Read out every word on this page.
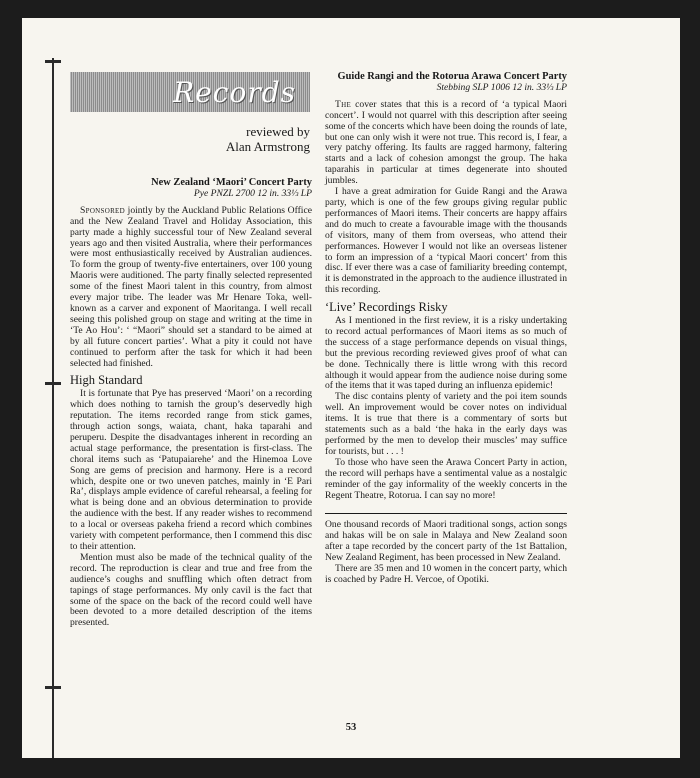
Records
reviewed by
Alan Armstrong
New Zealand ‘Maori’ Concert Party
Pye PNZL 2700 12 in. 33⅓ LP

Sponsored jointly by the Auckland Public Relations Office and the New Zealand Travel and Holiday Association, this party made a highly successful tour of New Zealand several years ago and then visited Australia, where their performances were most enthusiastically received by Australian audiences. To form the group of twenty-five entertainers, over 100 young Maoris were auditioned. The party finally selected represented some of the finest Maori talent in this country, from almost every major tribe. The leader was Mr Henare Toka, well-known as a carver and exponent of Maoritanga. I well recall seeing this polished group on stage and writing at the time in ‘Te Ao Hou’: ‘ “Maori” should set a standard to be aimed at by all future concert parties’. What a pity it could not have continued to perform after the task for which it had been selected had finished.

High Standard

It is fortunate that Pye has preserved ‘Maori’ on a recording which does nothing to tarnish the group’s deservedly high reputation. The items recorded range from stick games, through action songs, waiata, chant, haka taparahi and peruperu. Despite the disadvantages inherent in recording an actual stage performance, the presentation is first-class. The choral items such as ‘Patupaiarehe’ and the Hinemoa Love Song are gems of precision and harmony. Here is a record which, despite one or two uneven patches, mainly in ‘E Pari Ra’, displays ample evidence of careful rehearsal, a feeling for what is being done and an obvious determination to provide the audience with the best. If any reader wishes to recommend to a local or overseas pakeha friend a record which combines variety with competent performance, then I commend this disc to their attention.

Mention must also be made of the technical quality of the record. The reproduction is clear and true and free from the audience’s coughs and snuffling which often detract from tapings of stage performances. My only cavil is the fact that some of the space on the back of the record could well have been devoted to a more detailed description of the items presented.

Guide Rangi and the Rotorua Arawa Concert Party
Stebbing SLP 1006 12 in. 33⅓ LP

The cover states that this is a record of ‘a typical Maori concert’. I would not quarrel with this description after seeing some of the concerts which have been doing the rounds of late, but one can only wish it were not true. This record is, I fear, a very patchy offering. Its faults are ragged harmony, faltering starts and a lack of cohesion amongst the group. The haka taparahis in particular at times degenerate into shouted jumbles.

I have a great admiration for Guide Rangi and the Arawa party, which is one of the few groups giving regular public performances of Maori items. Their concerts are happy affairs and do much to create a favourable image with the thousands of visitors, many of them from overseas, who attend their performances. However I would not like an overseas listener to form an impression of a ‘typical Maori concert’ from this disc. If ever there was a case of familiarity breeding contempt, it is demonstrated in the approach to the audience illustrated in this recording.

‘Live’ Recordings Risky

As I mentioned in the first review, it is a risky undertaking to record actual performances of Maori items as so much of the success of a stage performance depends on visual things, but the previous recording reviewed gives proof of what can be done. Technically there is little wrong with this record although it would appear from the audience noise during some of the items that it was taped during an influenza epidemic!

The disc contains plenty of variety and the poi item sounds well. An improvement would be cover notes on individual items. It is true that there is a commentary of sorts but statements such as a bald ‘the haka in the early days was performed by the men to develop their muscles’ may suffice for tourists, but . . . !

To those who have seen the Arawa Concert Party in action, the record will perhaps have a sentimental value as a nostalgic reminder of the gay informality of the weekly concerts in the Regent Theatre, Rotorua. I can say no more!

One thousand records of Maori traditional songs, action songs and hakas will be on sale in Malaya and New Zealand soon after a tape recorded by the concert party of the 1st Battalion, New Zealand Regiment, has been processed in New Zealand.

There are 35 men and 10 women in the concert party, which is coached by Padre H. Vercoe, of Opotiki.

53
